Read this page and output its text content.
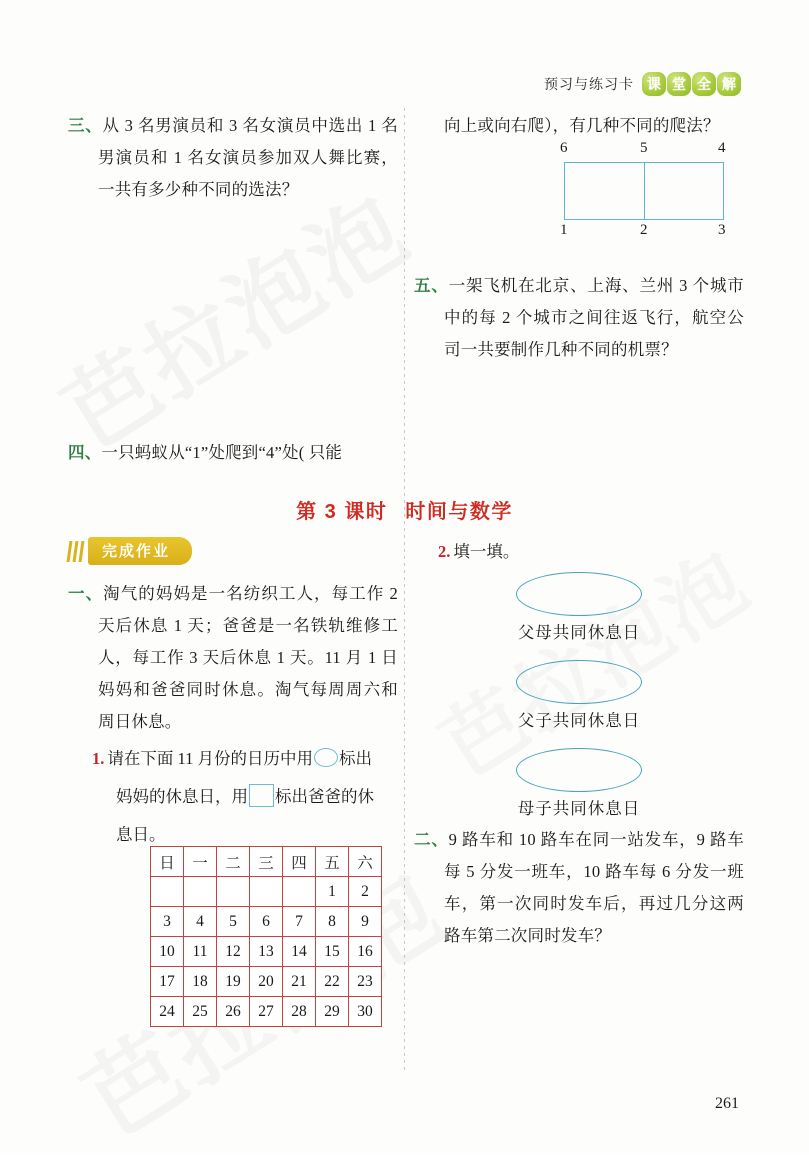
预习与练习卡 课 堂 全 解
三、从 3 名男演员和 3 名女演员中选出 1 名男演员和 1 名女演员参加双人舞比赛，一共有多少种不同的选法？
四、一只蚂蚁从“1”处爬到“4”处( 只能
向上或向右爬），有几种不同的爬法？
6	5	4
1	2	3
五、一架飞机在北京、上海、兰州 3 个城市中的每 2 个城市之间往返飞行，航空公司一共要制作几种不同的机票？
第 3 课时 时间与数学
完成作业
一、淘气的妈妈是一名纺织工人，每工作 2 天后休息 1 天；爸爸是一名铁轨维修工人，每工作 3 天后休息 1 天。11 月 1 日妈妈和爸爸同时休息。淘气每周周六和周日休息。
1. 请在下面 11 月份的日历中用 标出妈妈的休息日，用 标出爸爸的休息日。
日	一	二	三	四	五	六
					1	2
3	4	5	6	7	8	9
10	11	12	13	14	15	16
17	18	19	20	21	22	23
24	25	26	27	28	29	30
2. 填一填。
父母共同休息日
父子共同休息日
母子共同休息日
二、9 路车和 10 路车在同一站发车，9 路车每 5 分发一班车，10 路车每 6 分发一班车，第一次同时发车后，再过几分这两路车第二次同时发车？
261
